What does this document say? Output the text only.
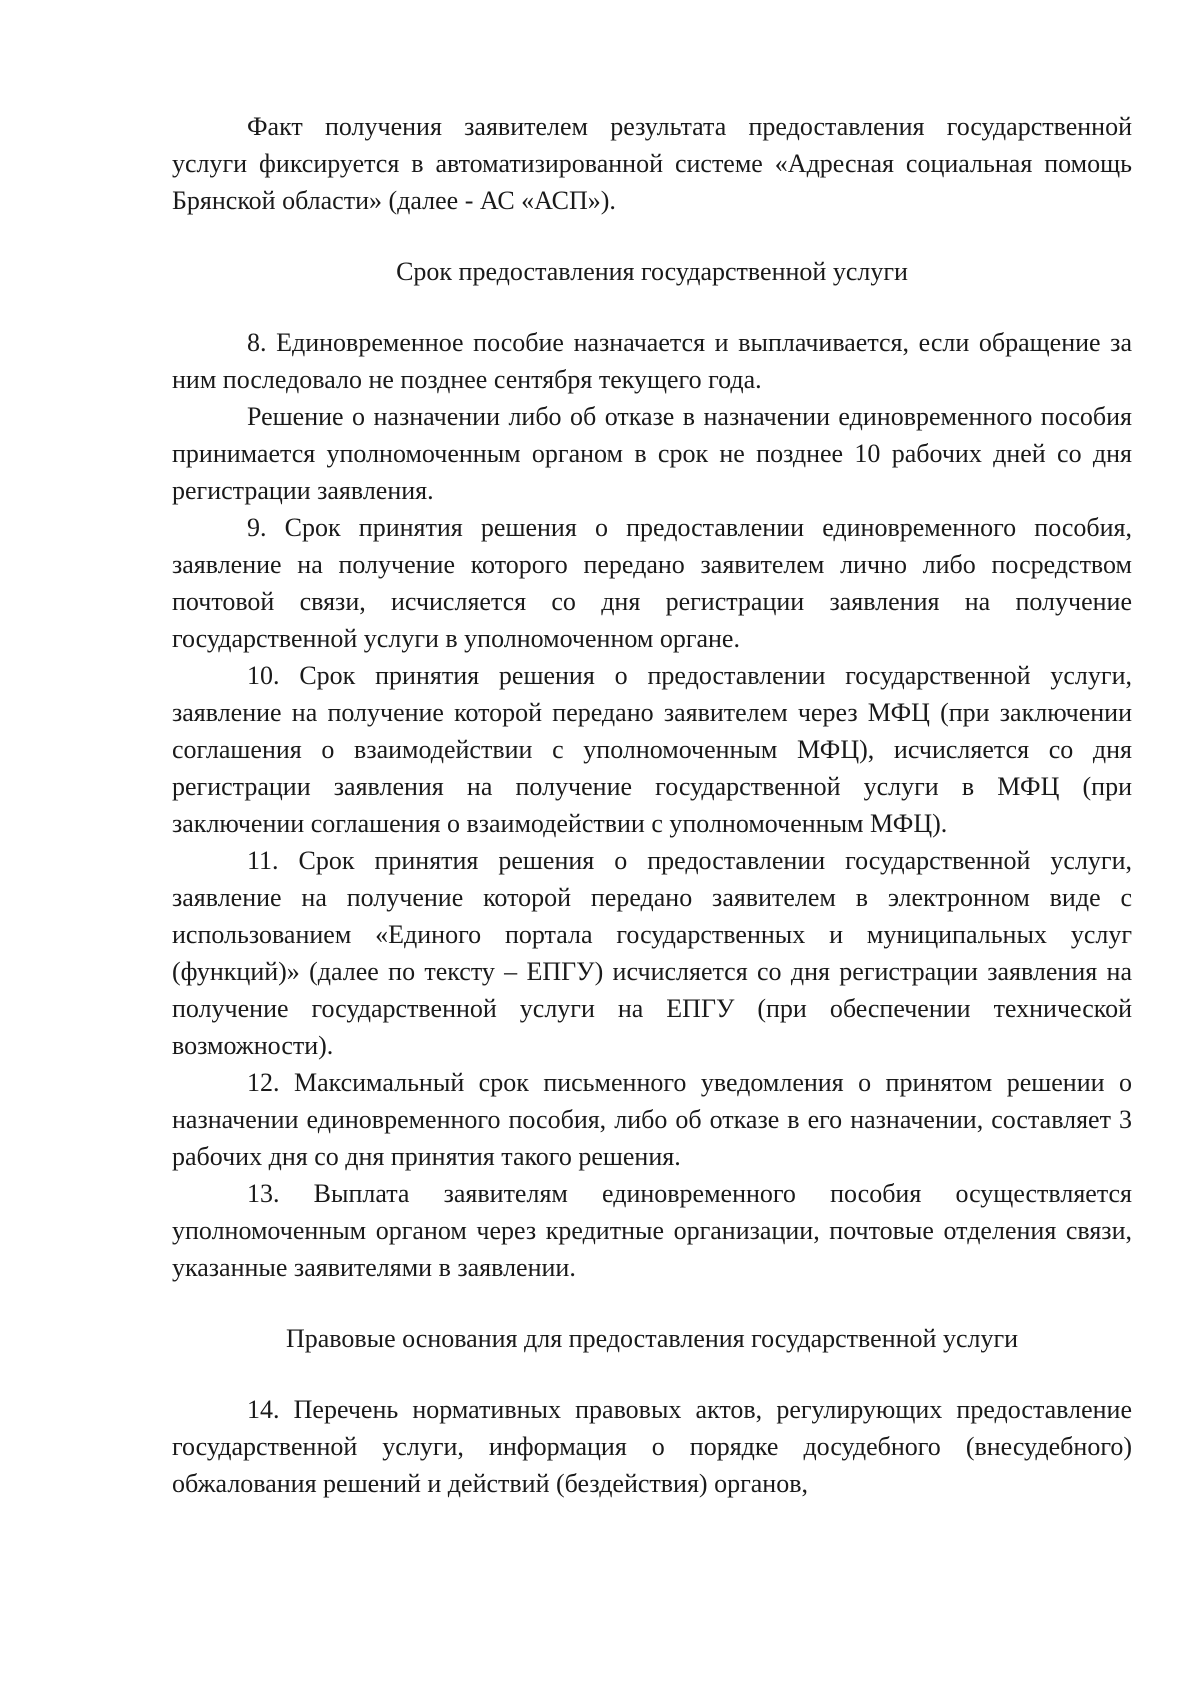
Факт получения заявителем результата предоставления государственной услуги фиксируется в автоматизированной системе «Адресная социальная помощь Брянской области» (далее - АС «АСП»).

Срок предоставления государственной услуги

8. Единовременное пособие назначается и выплачивается, если обращение за ним последовало не позднее сентября текущего года.

Решение о назначении либо об отказе в назначении единовременного пособия принимается уполномоченным органом в срок не позднее 10 рабочих дней со дня регистрации заявления.

9. Срок принятия решения о предоставлении единовременного пособия, заявление на получение которого передано заявителем лично либо посредством почтовой связи, исчисляется со дня регистрации заявления на получение государственной услуги в уполномоченном органе.

10. Срок принятия решения о предоставлении государственной услуги, заявление на получение которой передано заявителем через МФЦ (при заключении соглашения о взаимодействии с уполномоченным МФЦ), исчисляется со дня регистрации заявления на получение государственной услуги в МФЦ (при заключении соглашения о взаимодействии с уполномоченным МФЦ).

11. Срок принятия решения о предоставлении государственной услуги, заявление на получение которой передано заявителем в электронном виде с использованием «Единого портала государственных и муниципальных услуг (функций)» (далее по тексту – ЕПГУ) исчисляется со дня регистрации заявления на получение государственной услуги на ЕПГУ (при обеспечении технической возможности).

12. Максимальный срок письменного уведомления о принятом решении о назначении единовременного пособия, либо об отказе в его назначении, составляет 3 рабочих дня со дня принятия такого решения.

13. Выплата заявителям единовременного пособия осуществляется уполномоченным органом через кредитные организации, почтовые отделения связи, указанные заявителями в заявлении.

Правовые основания для предоставления государственной услуги

14. Перечень нормативных правовых актов, регулирующих предоставление государственной услуги, информация о порядке досудебного (внесудебного) обжалования решений и действий (бездействия) органов,
